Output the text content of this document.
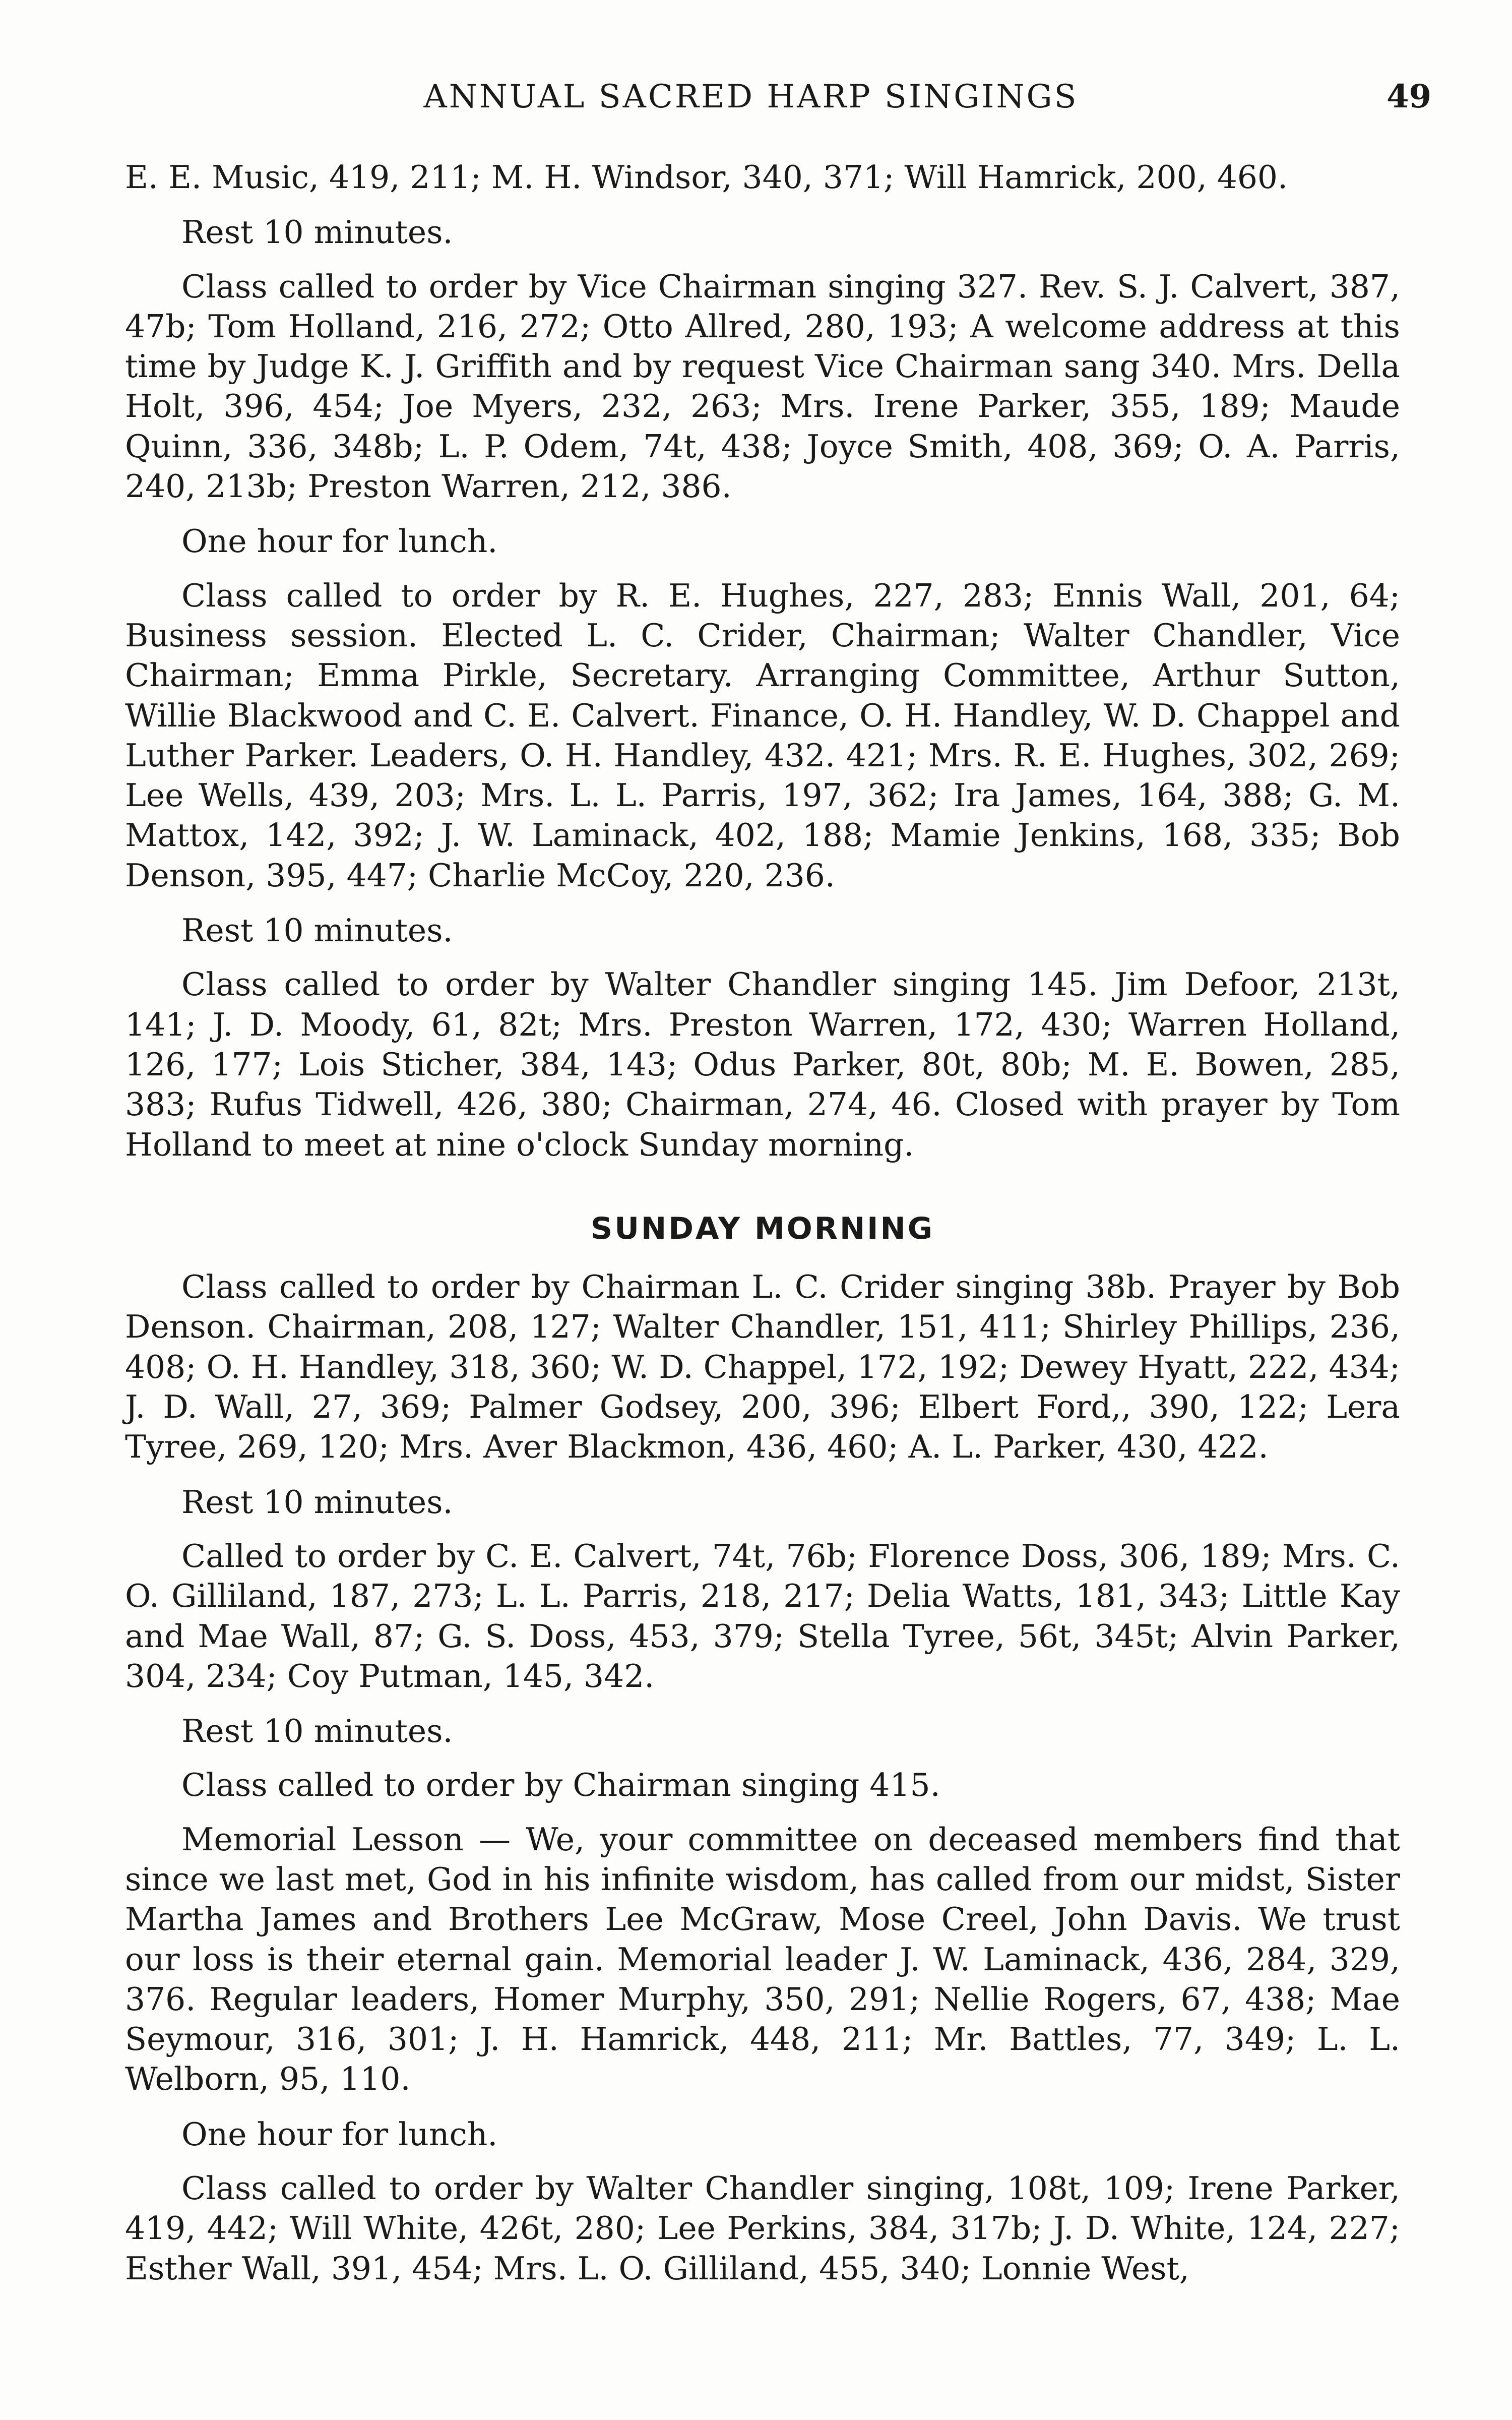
ANNUAL SACRED HARP SINGINGS	49

E. E. Music, 419, 211; M. H. Windsor, 340, 371; Will Hamrick, 200, 460.

Rest 10 minutes.

Class called to order by Vice Chairman singing 327. Rev. S. J. Calvert, 387, 47b; Tom Holland, 216, 272; Otto Allred, 280, 193; A welcome address at this time by Judge K. J. Griffith and by request Vice Chairman sang 340. Mrs. Della Holt, 396, 454; Joe Myers, 232, 263; Mrs. Irene Parker, 355, 189; Maude Quinn, 336, 348b; L. P. Odem, 74t, 438; Joyce Smith, 408, 369; O. A. Parris, 240, 213b; Preston Warren, 212, 386.

One hour for lunch.

Class called to order by R. E. Hughes, 227, 283; Ennis Wall, 201, 64; Business session. Elected L. C. Crider, Chairman; Walter Chandler, Vice Chairman; Emma Pirkle, Secretary. Arranging Committee, Arthur Sutton, Willie Blackwood and C. E. Calvert. Finance, O. H. Handley, W. D. Chappel and Luther Parker. Leaders, O. H. Handley, 432. 421; Mrs. R. E. Hughes, 302, 269; Lee Wells, 439, 203; Mrs. L. L. Parris, 197, 362; Ira James, 164, 388; G. M. Mattox, 142, 392; J. W. Laminack, 402, 188; Mamie Jenkins, 168, 335; Bob Denson, 395, 447; Charlie McCoy, 220, 236.

Rest 10 minutes.

Class called to order by Walter Chandler singing 145. Jim Defoor, 213t, 141; J. D. Moody, 61, 82t; Mrs. Preston Warren, 172, 430; Warren Holland, 126, 177; Lois Sticher, 384, 143; Odus Parker, 80t, 80b; M. E. Bowen, 285, 383; Rufus Tidwell, 426, 380; Chairman, 274, 46. Closed with prayer by Tom Holland to meet at nine o'clock Sunday morning.

SUNDAY MORNING

Class called to order by Chairman L. C. Crider singing 38b. Prayer by Bob Denson. Chairman, 208, 127; Walter Chandler, 151, 411; Shirley Phillips, 236, 408; O. H. Handley, 318, 360; W. D. Chappel, 172, 192; Dewey Hyatt, 222, 434; J. D. Wall, 27, 369; Palmer Godsey, 200, 396; Elbert Ford,, 390, 122; Lera Tyree, 269, 120; Mrs. Aver Blackmon, 436, 460; A. L. Parker, 430, 422.

Rest 10 minutes.

Called to order by C. E. Calvert, 74t, 76b; Florence Doss, 306, 189; Mrs. C. O. Gilliland, 187, 273; L. L. Parris, 218, 217; Delia Watts, 181, 343; Little Kay and Mae Wall, 87; G. S. Doss, 453, 379; Stella Tyree, 56t, 345t; Alvin Parker, 304, 234; Coy Putman, 145, 342.

Rest 10 minutes.

Class called to order by Chairman singing 415.

Memorial Lesson — We, your committee on deceased members find that since we last met, God in his infinite wisdom, has called from our midst, Sister Martha James and Brothers Lee McGraw, Mose Creel, John Davis. We trust our loss is their eternal gain. Memorial leader J. W. Laminack, 436, 284, 329, 376. Regular leaders, Homer Murphy, 350, 291; Nellie Rogers, 67, 438; Mae Seymour, 316, 301; J. H. Hamrick, 448, 211; Mr. Battles, 77, 349; L. L. Welborn, 95, 110.

One hour for lunch.

Class called to order by Walter Chandler singing, 108t, 109; Irene Parker, 419, 442; Will White, 426t, 280; Lee Perkins, 384, 317b; J. D. White, 124, 227; Esther Wall, 391, 454; Mrs. L. O. Gilliland, 455, 340; Lonnie West,
